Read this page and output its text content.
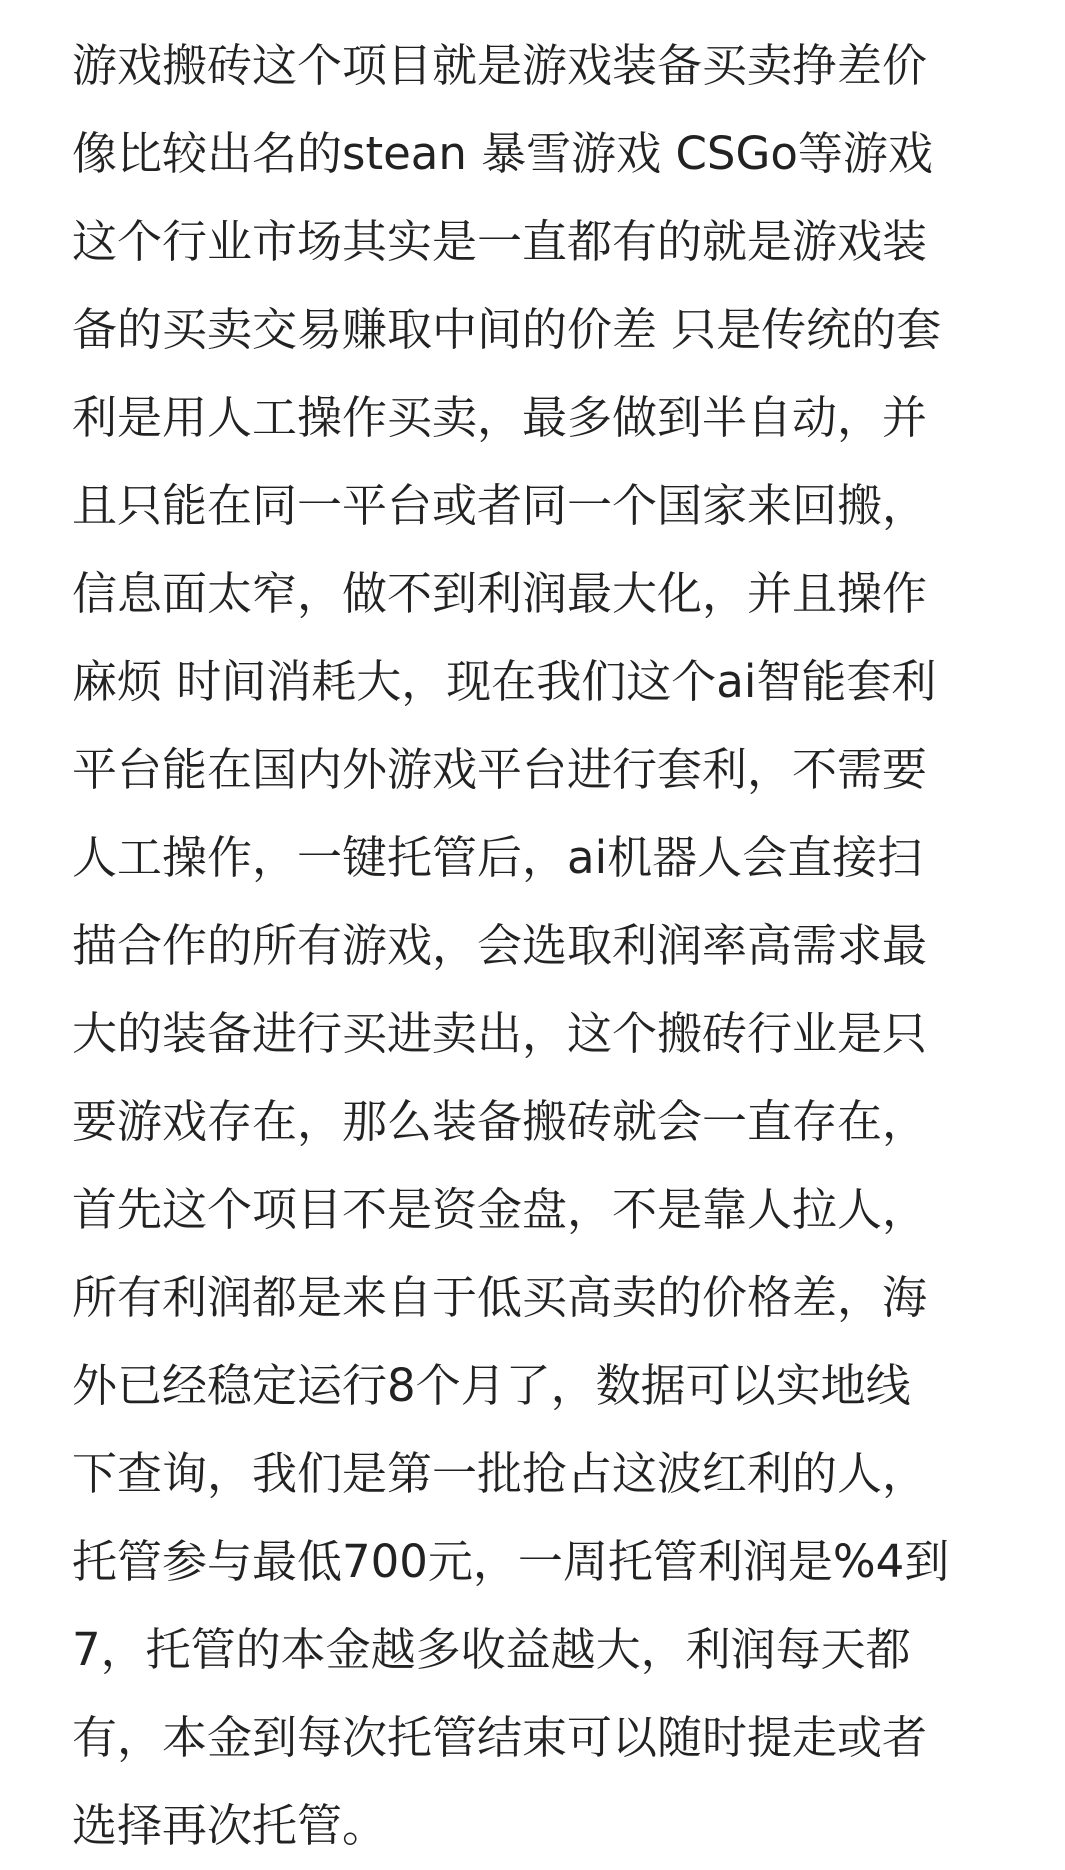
游戏搬砖这个项目就是游戏装备买卖挣差价
像比较出名的stean 暴雪游戏 CSGo等游戏
这个行业市场其实是一直都有的就是游戏装
备的买卖交易赚取中间的价差 只是传统的套
利是用人工操作买卖，最多做到半自动，并
且只能在同一平台或者同一个国家来回搬，
信息面太窄，做不到利润最大化，并且操作
麻烦 时间消耗大，现在我们这个ai智能套利
平台能在国内外游戏平台进行套利，不需要
人工操作，一键托管后，ai机器人会直接扫
描合作的所有游戏，会选取利润率高需求最
大的装备进行买进卖出，这个搬砖行业是只
要游戏存在，那么装备搬砖就会一直存在，
首先这个项目不是资金盘，不是靠人拉人，
所有利润都是来自于低买高卖的价格差，海
外已经稳定运行8个月了，数据可以实地线
下查询，我们是第一批抢占这波红利的人，
托管参与最低700元，一周托管利润是%4到
7，托管的本金越多收益越大，利润每天都
有，本金到每次托管结束可以随时提走或者
选择再次托管。
